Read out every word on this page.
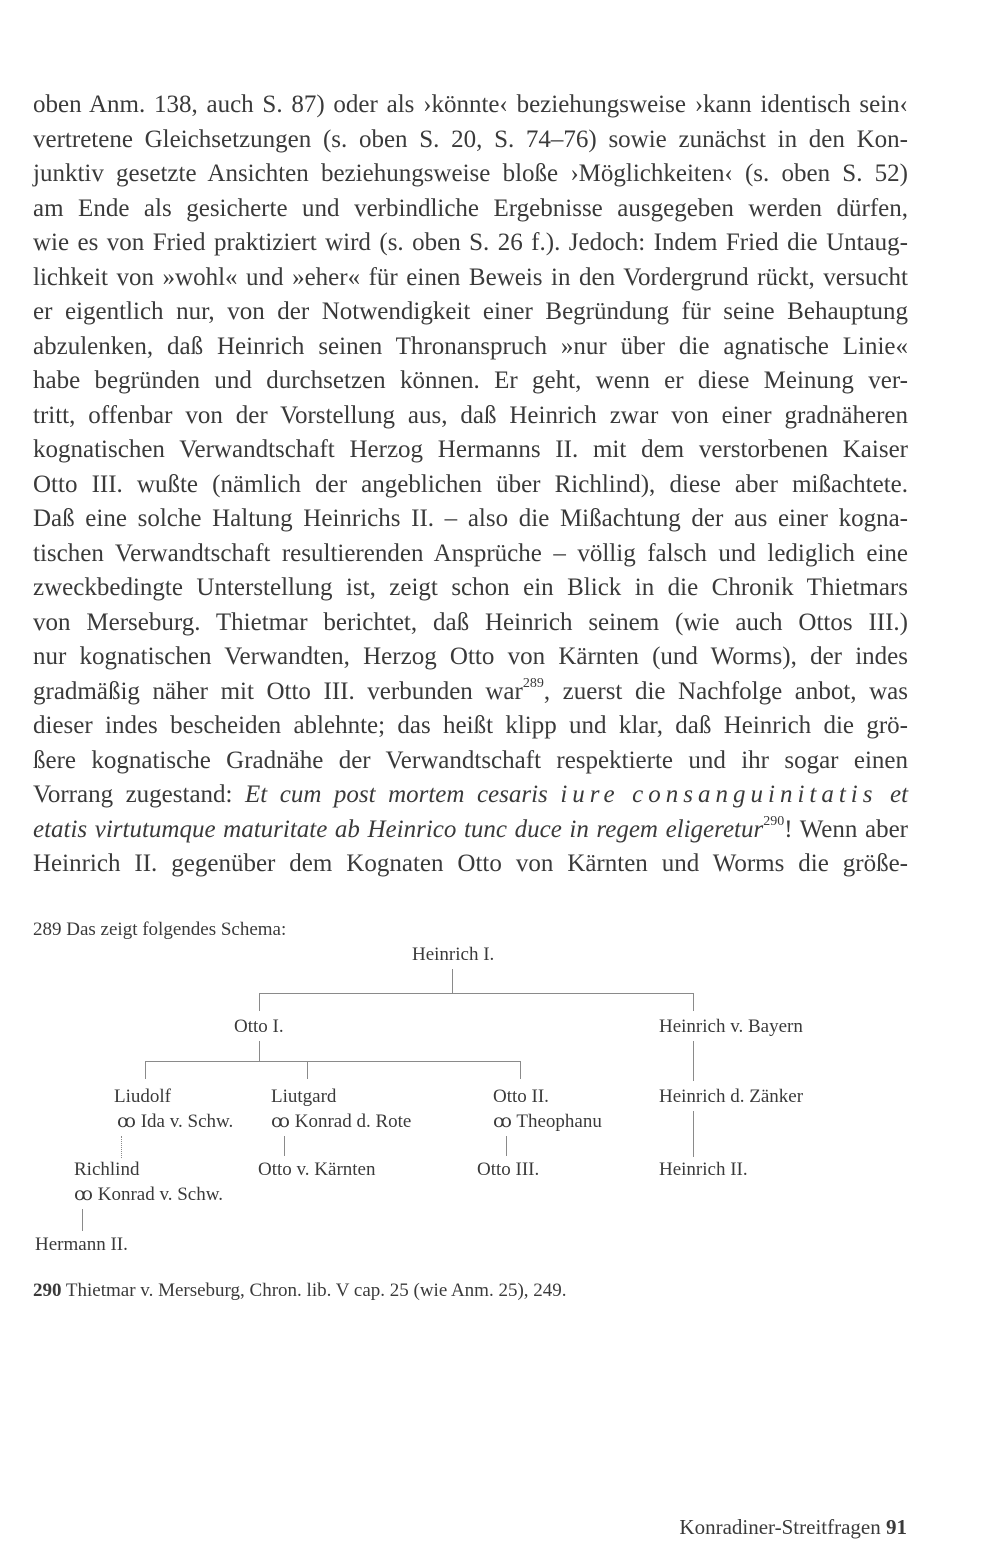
oben Anm. 138, auch S. 87) oder als ›könnte‹ beziehungsweise ›kann identisch sein‹
vertretene Gleichsetzungen (s. oben S. 20, S. 74–76) sowie zunächst in den Kon-
junktiv gesetzte Ansichten beziehungsweise bloße ›Möglichkeiten‹ (s. oben S. 52)
am Ende als gesicherte und verbindliche Ergebnisse ausgegeben werden dürfen,
wie es von Fried praktiziert wird (s. oben S. 26 f.). Jedoch: Indem Fried die Untaug-
lichkeit von »wohl« und »eher« für einen Beweis in den Vordergrund rückt, versucht
er eigentlich nur, von der Notwendigkeit einer Begründung für seine Behauptung
abzulenken, daß Heinrich seinen Thronanspruch »nur über die agnatische Linie«
habe begründen und durchsetzen können. Er geht, wenn er diese Meinung ver-
tritt, offenbar von der Vorstellung aus, daß Heinrich zwar von einer gradnäheren
kognatischen Verwandtschaft Herzog Hermanns II. mit dem verstorbenen Kaiser
Otto III. wußte (nämlich der angeblichen über Richlind), diese aber mißachtete.
Daß eine solche Haltung Heinrichs II. – also die Mißachtung der aus einer kogna-
tischen Verwandtschaft resultierenden Ansprüche – völlig falsch und lediglich eine
zweckbedingte Unterstellung ist, zeigt schon ein Blick in die Chronik Thietmars
von Merseburg. Thietmar berichtet, daß Heinrich seinem (wie auch Ottos III.)
nur kognatischen Verwandten, Herzog Otto von Kärnten (und Worms), der indes
gradmäßig näher mit Otto III. verbunden war$^{289}$, zuerst die Nachfolge anbot, was
dieser indes bescheiden ablehnte; das heißt klipp und klar, daß Heinrich die grö-
ßere kognatische Gradnähe der Verwandtschaft respektierte und ihr sogar einen
Vorrang zugestand: Et cum post mortem cesaris iure consanguinitatis et
etatis virtutumque maturitate ab Heinrico tunc duce in regem eligeretur$^{290}$! Wenn aber
Heinrich II. gegenüber dem Kognaten Otto von Kärnten und Worms die größe-
289 Das zeigt folgendes Schema:
Heinrich I.
Otto I.	Heinrich v. Bayern
Liudolf
ꝏ Ida v. Schw.
Liutgard
ꝏ Konrad d. Rote
Otto II.
ꝏ Theophanu
Heinrich d. Zänker
Richlind
ꝏ Konrad v. Schw.
Otto v. Kärnten	Otto III.	Heinrich II.
Hermann II.
290 Thietmar v. Merseburg, Chron. lib. V cap. 25 (wie Anm. 25), 249.
Konradiner-Streitfragen 91
